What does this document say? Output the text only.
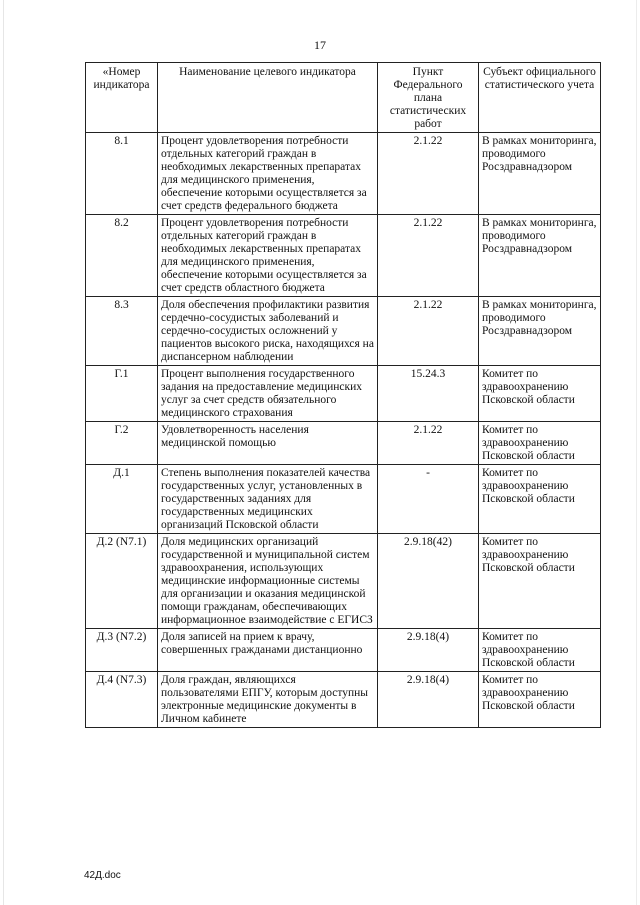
17
«Номер индикатора	Наименование целевого индикатора	Пункт Федерального плана статистических работ	Субъект официального статистического учета
8.1	Процент удовлетворения потребности отдельных категорий граждан в необходимых лекарственных препаратах для медицинского применения, обеспечение которыми осуществляется за счет средств федерального бюджета	2.1.22	В рамках мониторинга, проводимого Росздравнадзором
8.2	Процент удовлетворения потребности отдельных категорий граждан в необходимых лекарственных препаратах для медицинского применения, обеспечение которыми осуществляется за счет средств областного бюджета	2.1.22	В рамках мониторинга, проводимого Росздравнадзором
8.3	Доля обеспечения профилактики развития сердечно-сосудистых заболеваний и сердечно-сосудистых осложнений у пациентов высокого риска, находящихся на диспансерном наблюдении	2.1.22	В рамках мониторинга, проводимого Росздравнадзором
Г.1	Процент выполнения государственного задания на предоставление медицинских услуг за счет средств обязательного медицинского страхования	15.24.3	Комитет по здравоохранению Псковской области
Г.2	Удовлетворенность населения медицинской помощью	2.1.22	Комитет по здравоохранению Псковской области
Д.1	Степень выполнения показателей качества государственных услуг, установленных в государственных заданиях для государственных медицинских организаций Псковской области	-	Комитет по здравоохранению Псковской области
Д.2 (N7.1)	Доля медицинских организаций государственной и муниципальной систем здравоохранения, использующих медицинские информационные системы для организации и оказания медицинской помощи гражданам, обеспечивающих информационное взаимодействие с ЕГИСЗ	2.9.18(42)	Комитет по здравоохранению Псковской области
Д.3 (N7.2)	Доля записей на прием к врачу, совершенных гражданами дистанционно	2.9.18(4)	Комитет по здравоохранению Псковской области
Д.4 (N7.3)	Доля граждан, являющихся пользователями ЕПГУ, которым доступны электронные медицинские документы в Личном кабинете	2.9.18(4)	Комитет по здравоохранению Псковской области
42Д.doc
